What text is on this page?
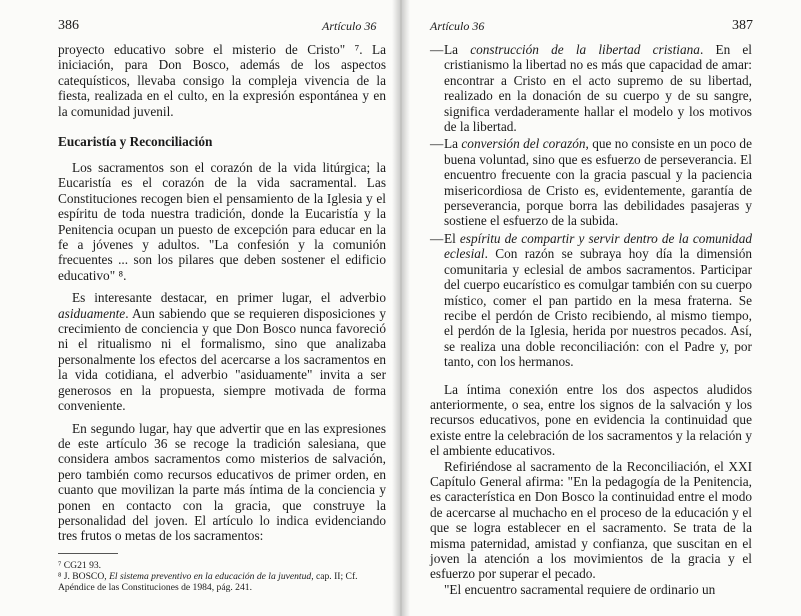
386	Artículo 36

proyecto educativo sobre el misterio de Cristo" ⁷. La iniciación, para Don Bosco, además de los aspectos catequísticos, llevaba consigo la compleja vivencia de la fiesta, realizada en el culto, en la expresión espontánea y en la comunidad juvenil.

Eucaristía y Reconciliación

Los sacramentos son el corazón de la vida litúrgica; la Eucaristía es el corazón de la vida sacramental. Las Constituciones recogen bien el pensamiento de la Iglesia y el espíritu de toda nuestra tradición, donde la Eucaristía y la Penitencia ocupan un puesto de excepción para educar en la fe a jóvenes y adultos. "La confesión y la comunión frecuentes ... son los pilares que deben sostener el edificio educativo" ⁸.

Es interesante destacar, en primer lugar, el adverbio asiduamente. Aun sabiendo que se requieren disposiciones y crecimiento de conciencia y que Don Bosco nunca favoreció ni el ritualismo ni el formalismo, sino que analizaba personalmente los efectos del acercarse a los sacramentos en la vida cotidiana, el adverbio "asiduamente" invita a ser generosos en la propuesta, siempre motivada de forma conveniente.

En segundo lugar, hay que advertir que en las expresiones de este artículo 36 se recoge la tradición salesiana, que considera ambos sacramentos como misterios de salvación, pero también como recursos educativos de primer orden, en cuanto que movilizan la parte más íntima de la conciencia y ponen en contacto con la gracia, que construye la personalidad del joven. El artículo lo indica evidenciando tres frutos o metas de los sacramentos:

⁷ CG21 93.
⁸ J. BOSCO, El sistema preventivo en la educación de la juventud, cap. II; Cf. Apéndice de las Constituciones de 1984, pág. 241.
Artículo 36	387
— La construcción de la libertad cristiana. En el cristianismo la libertad no es más que capacidad de amar: encontrar a Cristo en el acto supremo de su libertad, realizado en la donación de su cuerpo y de su sangre, significa verdaderamente hallar el modelo y los motivos de la libertad.

— La conversión del corazón, que no consiste en un poco de buena voluntad, sino que es esfuerzo de perseverancia. El encuentro frecuente con la gracia pascual y la paciencia misericordiosa de Cristo es, evidentemente, garantía de perseverancia, porque borra las debilidades pasajeras y sostiene el esfuerzo de la subida.

— El espíritu de compartir y servir dentro de la comunidad eclesial. Con razón se subraya hoy día la dimensión comunitaria y eclesial de ambos sacramentos. Participar del cuerpo eucarístico es comulgar también con su cuerpo místico, comer el pan partido en la mesa fraterna. Se recibe el perdón de Cristo recibiendo, al mismo tiempo, el perdón de la Iglesia, herida por nuestros pecados. Así, se realiza una doble reconciliación: con el Padre y, por tanto, con los hermanos.

La íntima conexión entre los dos aspectos aludidos anteriormente, o sea, entre los signos de la salvación y los recursos educativos, pone en evidencia la continuidad que existe entre la celebración de los sacramentos y la relación y el ambiente educativos.

Refiriéndose al sacramento de la Reconciliación, el XXI Capítulo General afirma: "En la pedagogía de la Penitencia, es característica en Don Bosco la continuidad entre el modo de acercarse al muchacho en el proceso de la educación y el que se logra establecer en el sacramento. Se trata de la misma paternidad, amistad y confianza, que suscitan en el joven la atención a los movimientos de la gracia y el esfuerzo por superar el pecado.

"El encuentro sacramental requiere de ordinario un
